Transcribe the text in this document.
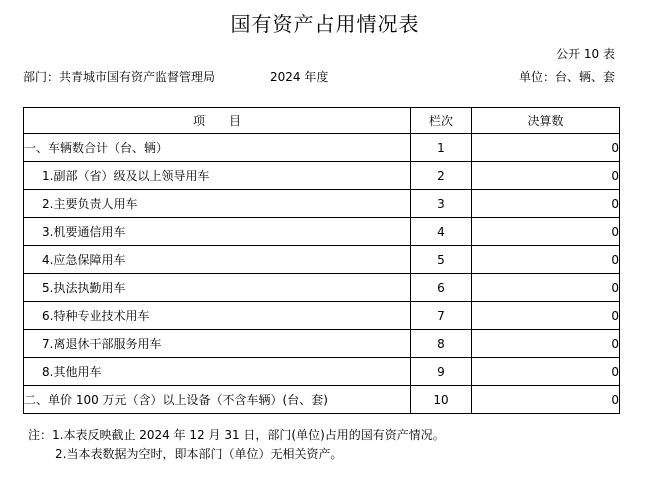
国有资产占用情况表
公开 10 表
部门：共青城市国有资产监督管理局	2024 年度	单位：台、辆、套
项　　目	栏次	决算数
一、车辆数合计（台、辆）	1	0
1.副部（省）级及以上领导用车	2	0
2.主要负责人用车	3	0
3.机要通信用车	4	0
4.应急保障用车	5	0
5.执法执勤用车	6	0
6.特种专业技术用车	7	0
7.离退休干部服务用车	8	0
8.其他用车	9	0
二、单价 100 万元（含）以上设备（不含车辆）(台、套)	10	0
注：1.本表反映截止 2024 年 12 月 31 日，部门(单位)占用的国有资产情况。
2.当本表数据为空时，即本部门（单位）无相关资产。
